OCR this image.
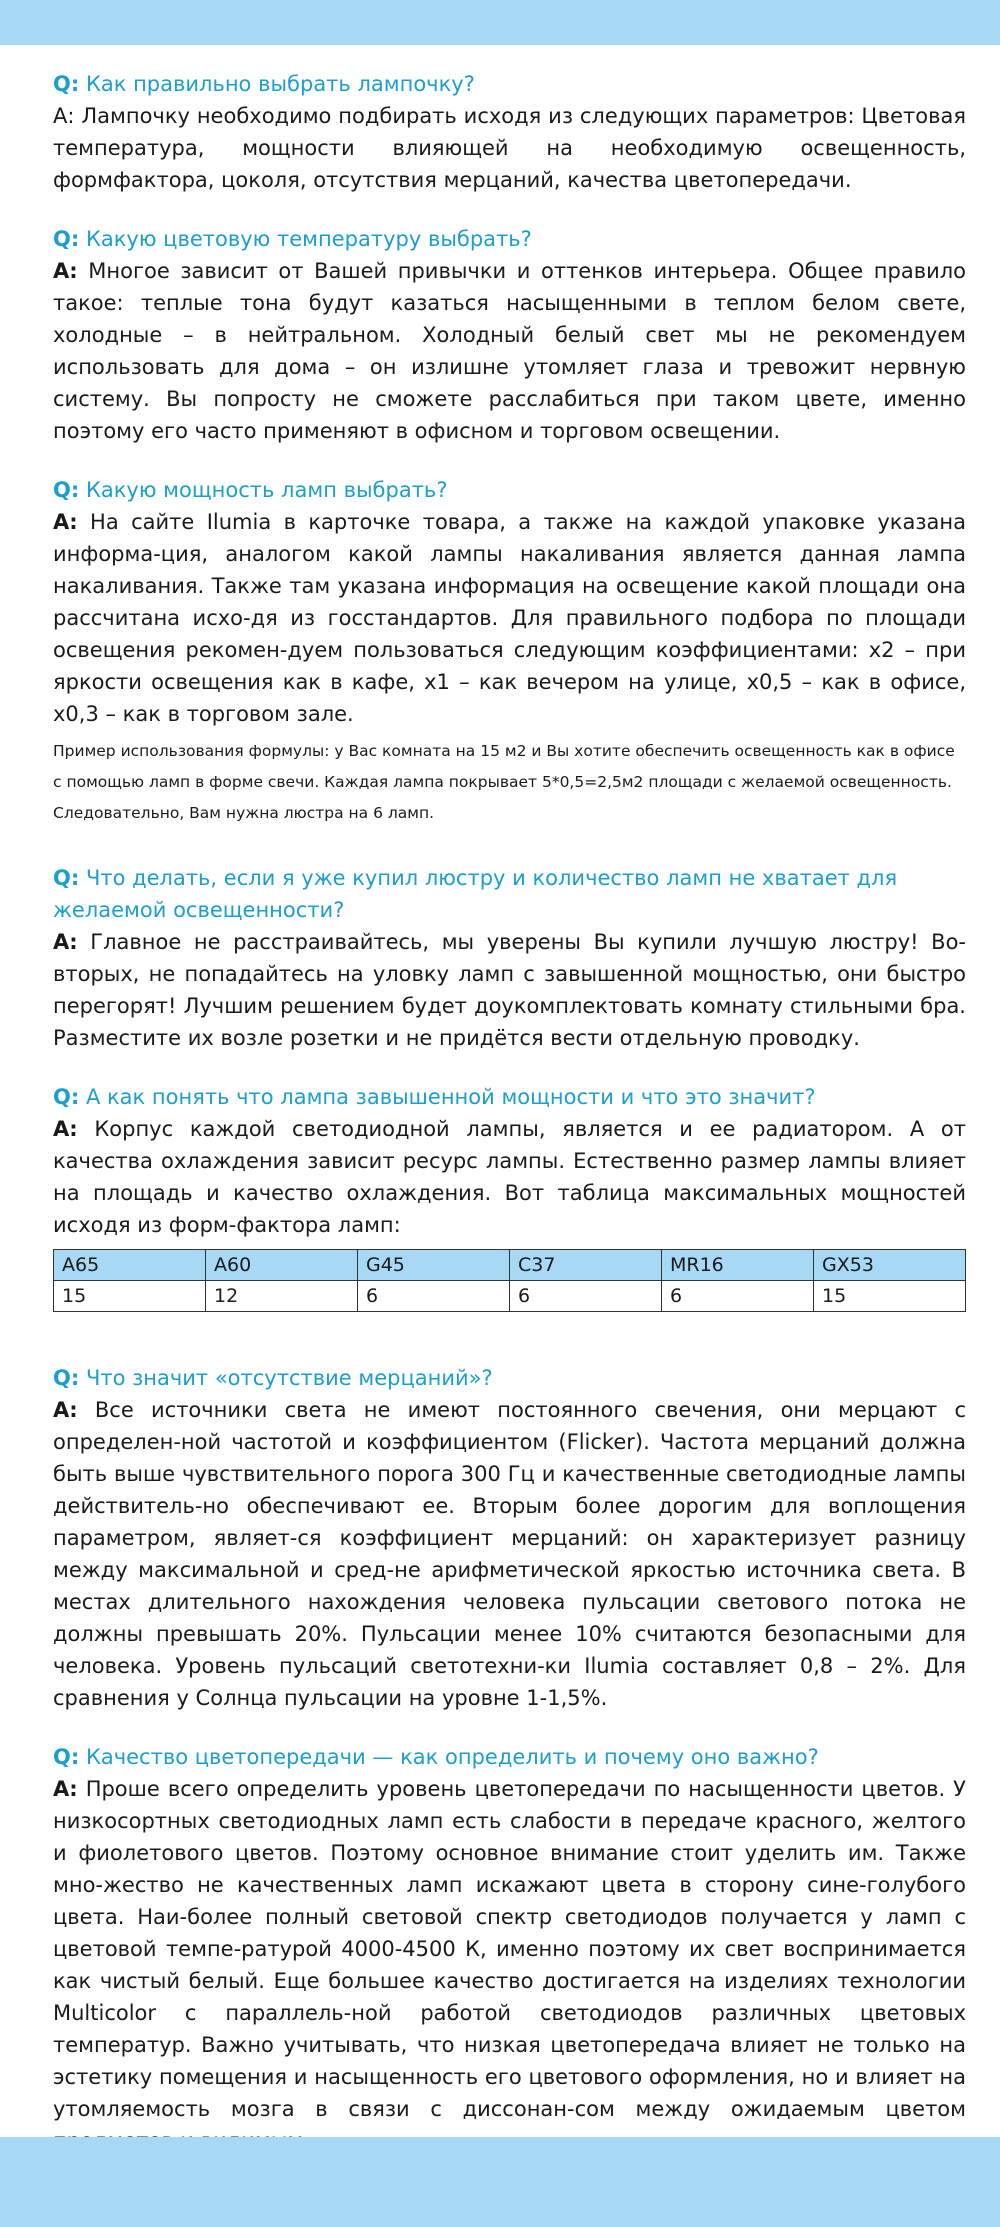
Q: Как правильно выбрать лампочку?

А: Лампочку необходимо подбирать исходя из следующих параметров: Цветовая температура, мощности влияющей на необходимую освещенность, формфактора, цоколя, отсутствия мерцаний, качества цветопередачи.

Q: Какую цветовую температуру выбрать?

А: Многое зависит от Вашей привычки и оттенков интерьера. Общее правило такое: теплые тона будут казаться насыщенными в теплом белом свете, холодные – в нейтральном. Холодный белый свет мы не рекомендуем использовать для дома – он излишне утомляет глаза и тревожит нервную систему. Вы попросту не сможете расслабиться при таком цвете, именно поэтому его часто применяют в офисном и торговом освещении.

Q: Какую мощность ламп выбрать?

А: На сайте Ilumia в карточке товара, а также на каждой упаковке указана информа-ция, аналогом какой лампы накаливания является данная лампа накаливания. Также там указана информация на освещение какой площади она рассчитана исхо-дя из госстандартов. Для правильного подбора по площади освещения рекомен-дуем пользоваться следующим коэффициентами: х2 – при яркости освещения как в кафе, х1 – как вечером на улице, х0,5 – как в офисе, х0,3 – как в торговом зале.

Пример использования формулы: у Вас комната на 15 м2 и Вы хотите обеспечить освещенность как в офисе с помощью ламп в форме свечи. Каждая лампа покрывает 5*0,5=2,5м2 площади с желаемой освещенность. Следовательно, Вам нужна люстра на 6 ламп.

Q: Что делать, если я уже купил люстру и количество ламп не хватает для желаемой освещенности?

А: Главное не расстраивайтесь, мы уверены Вы купили лучшую люстру! Во-вторых, не попадайтесь на уловку ламп с завышенной мощностью, они быстро перегорят! Лучшим решением будет доукомплектовать комнату стильными бра. Разместите их возле розетки и не придётся вести отдельную проводку.

Q: А как понять что лампа завышенной мощности и что это значит?

А: Корпус каждой светодиодной лампы, является и ее радиатором. А от качества охлаждения зависит ресурс лампы. Естественно размер лампы влияет на площадь и качество охлаждения. Вот таблица максимальных мощностей исходя из форм-фактора ламп:

A65	A60	G45	C37	MR16	GX53
15	12	6	6	6	15

Q: Что значит «отсутствие мерцаний»?

А: Все источники света не имеют постоянного свечения, они мерцают с определен-ной частотой и коэффициентом (Flicker). Частота мерцаний должна быть выше чувствительного порога 300 Гц и качественные светодиодные лампы действитель-но обеспечивают ее. Вторым более дорогим для воплощения параметром, являет-ся коэффициент мерцаний: он характеризует разницу между максимальной и сред-не арифметической яркостью источника света. В местах длительного нахождения человека пульсации светового потока не должны превышать 20%. Пульсации менее 10% считаются безопасными для человека. Уровень пульсаций светотехни-ки Ilumia составляет 0,8 – 2%. Для сравнения у Солнца пульсации на уровне 1-1,5%.

Q: Качество цветопередачи — как определить и почему оно важно?

А: Проше всего определить уровень цветопередачи по насыщенности цветов. У низкосортных светодиодных ламп есть слабости в передаче красного, желтого и фиолетового цветов. Поэтому основное внимание стоит уделить им. Также мно-жество не качественных ламп искажают цвета в сторону сине-голубого цвета. Наи-более полный световой спектр светодиодов получается у ламп с цветовой темпе-ратурой 4000-4500 К, именно поэтому их свет воспринимается как чистый белый. Еще большее качество достигается на изделиях технологии Multicolor с параллель-ной работой светодиодов различных цветовых температур. Важно учитывать, что низкая цветопередача влияет не только на эстетику помещения и насыщенность его цветового оформления, но и влияет на утомляемость мозга в связи с диссонан-сом между ожидаемым цветом
